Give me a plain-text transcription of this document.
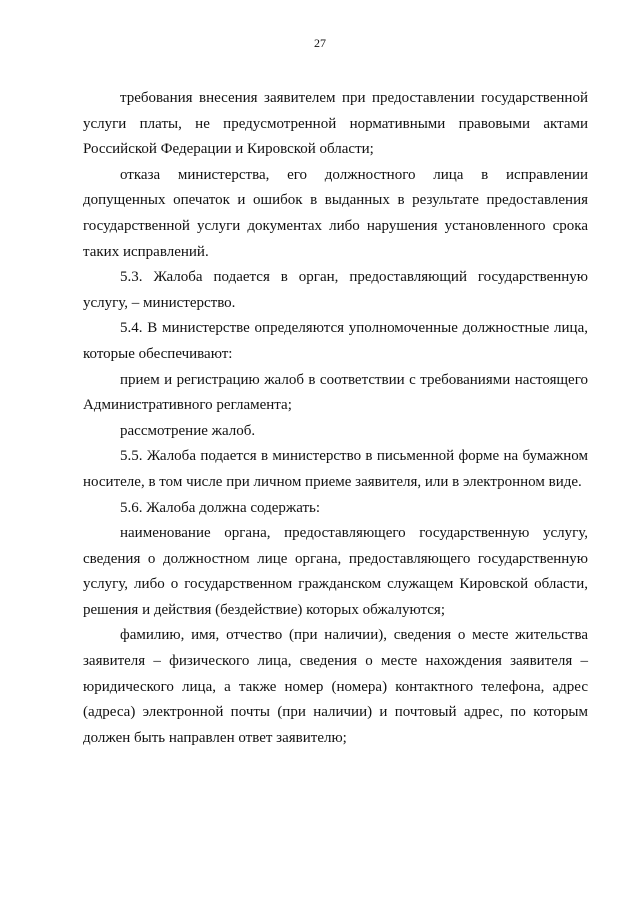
27

требования внесения заявителем при предоставлении государственной услуги платы, не предусмотренной нормативными правовыми актами Российской Федерации и Кировской области;

отказа министерства, его должностного лица в исправлении допущенных опечаток и ошибок в выданных в результате предоставления государственной услуги документах либо нарушения установленного срока таких исправлений.

5.3. Жалоба подается в орган, предоставляющий государственную услугу, – министерство.

5.4. В министерстве определяются уполномоченные должностные лица, которые обеспечивают:

прием и регистрацию жалоб в соответствии с требованиями настоящего Административного регламента;

рассмотрение жалоб.

5.5. Жалоба подается в министерство в письменной форме на бумажном носителе, в том числе при личном приеме заявителя, или в электронном виде.

5.6. Жалоба должна содержать:

наименование органа, предоставляющего государственную услугу, сведения о должностном лице органа, предоставляющего государственную услугу, либо о государственном гражданском служащем Кировской области, решения и действия (бездействие) которых обжалуются;

фамилию, имя, отчество (при наличии), сведения о месте жительства заявителя – физического лица, сведения о месте нахождения заявителя – юридического лица, а также номер (номера) контактного телефона, адрес (адреса) электронной почты (при наличии) и почтовый адрес, по которым должен быть направлен ответ заявителю;
